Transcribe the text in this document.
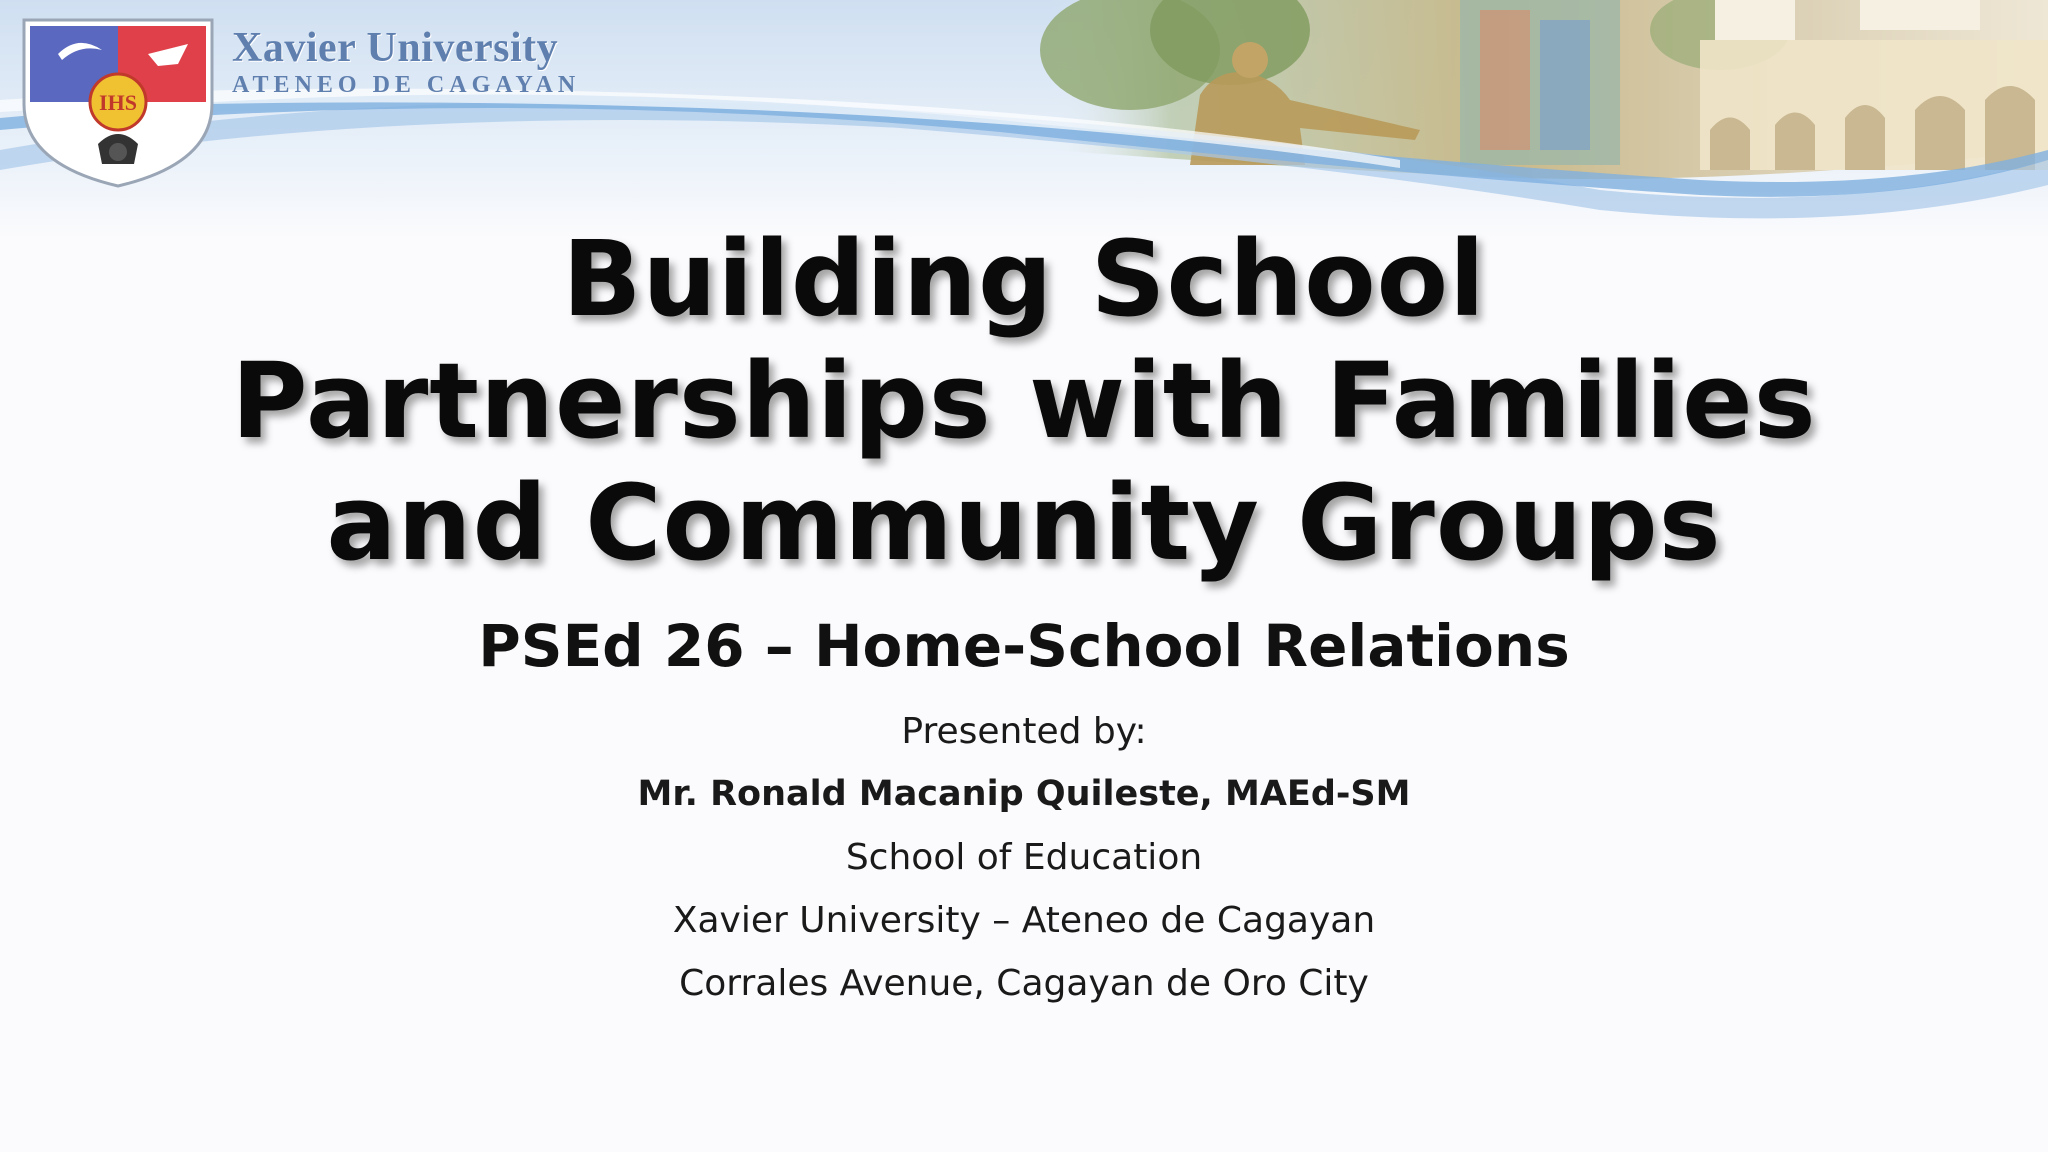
IHS
Xavier University
ATENEO DE CAGAYAN
Building School
Partnerships with Families
and Community Groups
PSEd 26 – Home-School Relations
Presented by:
Mr. Ronald Macanip Quileste, MAEd-SM
School of Education
Xavier University – Ateneo de Cagayan
Corrales Avenue, Cagayan de Oro City
